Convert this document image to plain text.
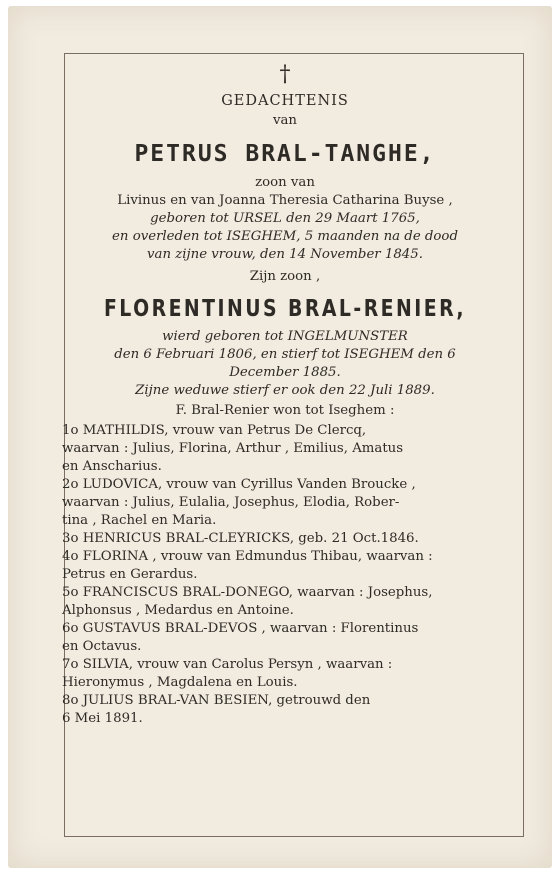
†
GEDACHTENIS
van
PETRUS BRAL-TANGHE,
zoon van
Livinus en van Joanna Theresia Catharina Buyse ,
geboren tot URSEL den 29 Maart 1765,
en overleden tot ISEGHEM, 5 maanden na de dood
van zijne vrouw, den 14 November 1845.
Zijn zoon ,
FLORENTINUS BRAL-RENIER,
wierd geboren tot INGELMUNSTER
den 6 Februari 1806, en stierf tot ISEGHEM den 6
December 1885.
Zijne weduwe stierf er ook den 22 Juli 1889.
F. Bral-Renier won tot Iseghem :
1o MATHILDIS, vrouw van Petrus De Clercq,
waarvan : Julius, Florina, Arthur , Emilius, Amatus
en Anscharius.
2o LUDOVICA, vrouw van Cyrillus Vanden Broucke ,
waarvan : Julius, Eulalia, Josephus, Elodia, Rober-
tina , Rachel en Maria.
3o HENRICUS BRAL-CLEYRICKS, geb. 21 Oct.1846.
4o FLORINA , vrouw van Edmundus Thibau, waarvan :
Petrus en Gerardus.
5o FRANCISCUS BRAL-DONEGO, waarvan : Josephus,
Alphonsus , Medardus en Antoine.
6o GUSTAVUS BRAL-DEVOS , waarvan : Florentinus
en Octavus.
7o SILVIA, vrouw van Carolus Persyn , waarvan :
Hieronymus , Magdalena en Louis.
8o JULIUS BRAL-VAN BESIEN, getrouwd den
6 Mei 1891.
